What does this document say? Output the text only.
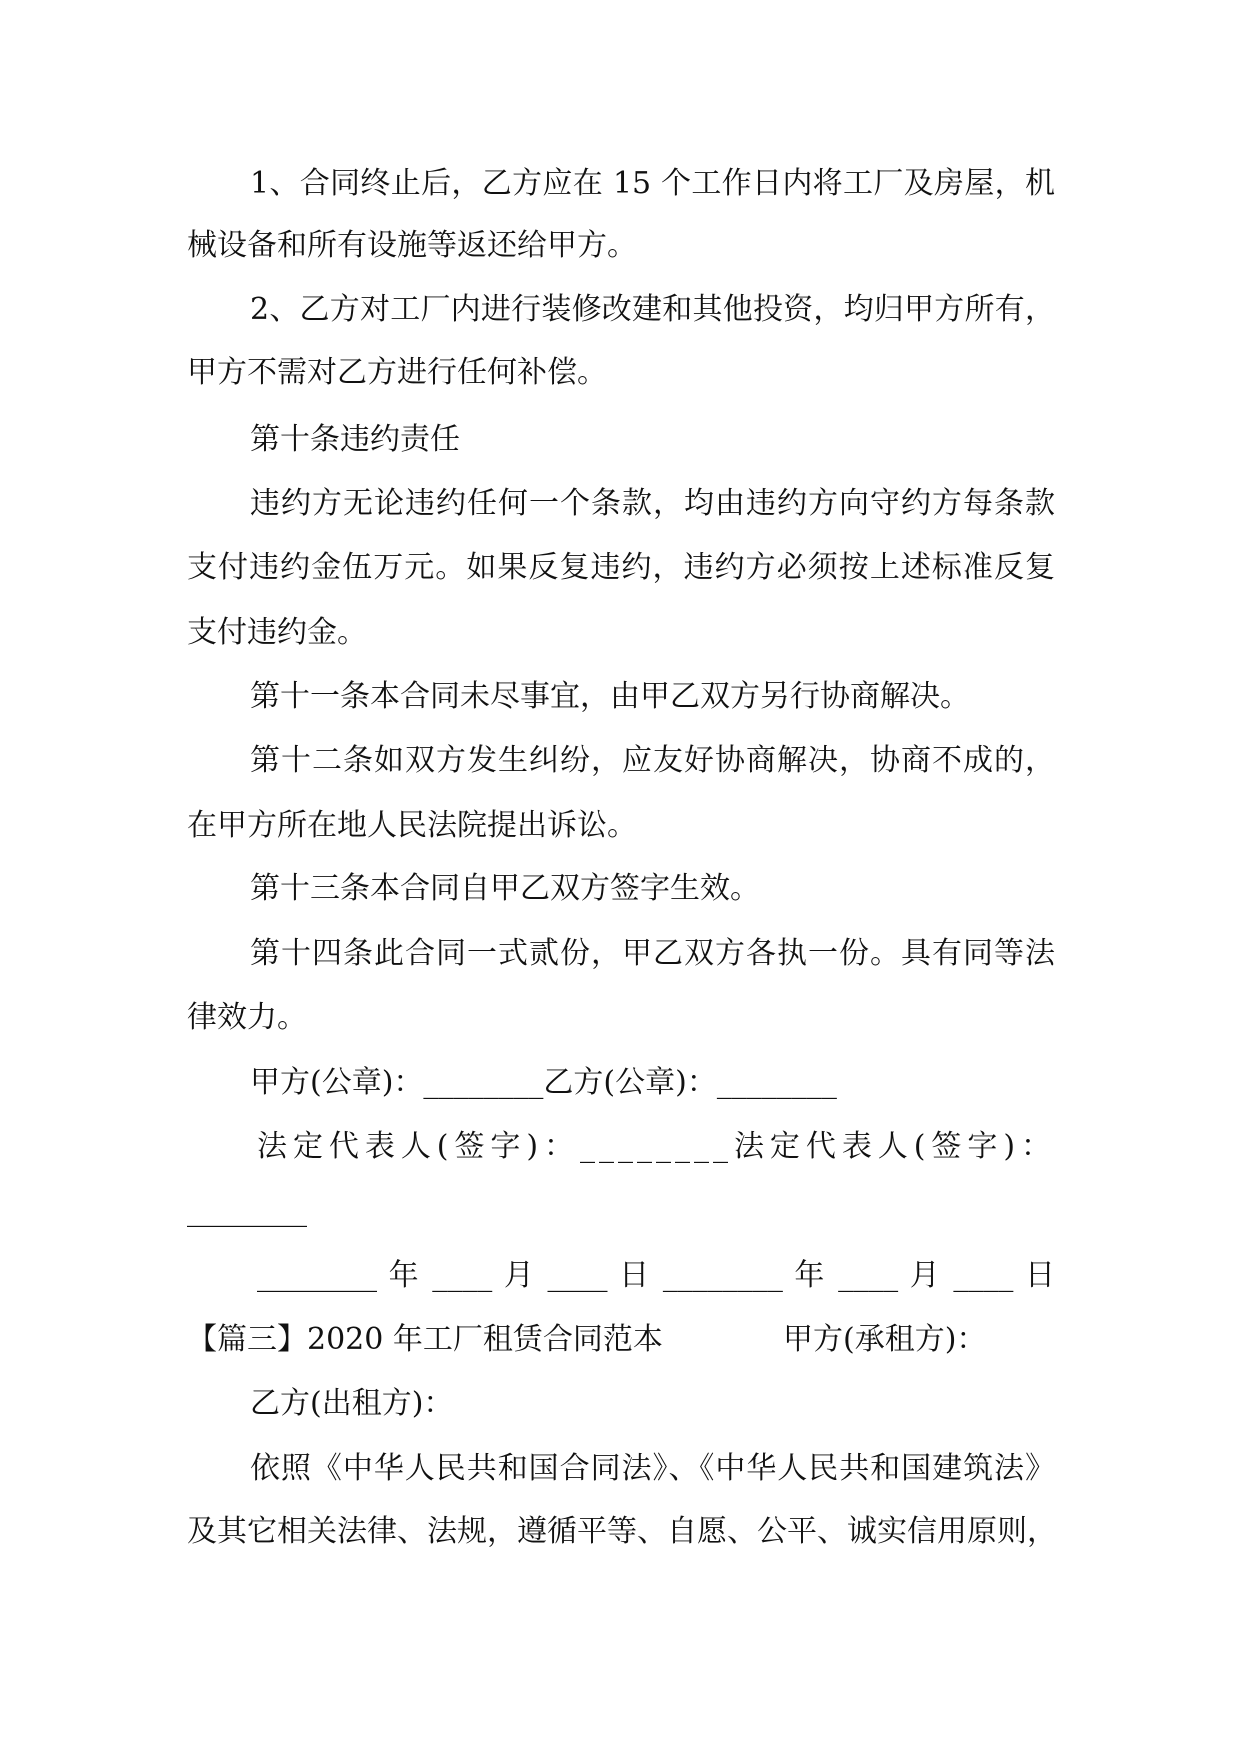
1、合同终止后，乙方应在 15 个工作日内将工厂及房屋，机
械设备和所有设施等返还给甲方。
2、乙方对工厂内进行装修改建和其他投资，均归甲方所有，
甲方不需对乙方进行任何补偿。
第十条违约责任
违约方无论违约任何一个条款，均由违约方向守约方每条款
支付违约金伍万元。如果反复违约，违约方必须按上述标准反复
支付违约金。
第十一条本合同未尽事宜，由甲乙双方另行协商解决。
第十二条如双方发生纠纷，应友好协商解决，协商不成的，
在甲方所在地人民法院提出诉讼。
第十三条本合同自甲乙双方签字生效。
第十四条此合同一式贰份，甲乙双方各执一份。具有同等法
律效力。
甲方(公章)：________乙方(公章)：________
法定代表人(签字)：________法定代表人(签字)：
________
________ 年 ____ 月 ____ 日 ________ 年 ____ 月 ____ 日
【篇三】2020 年工厂租赁合同范本	甲方(承租方)：
乙方(出租方)：
依照《中华人民共和国合同法》、《中华人民共和国建筑法》
及其它相关法律、法规，遵循平等、自愿、公平、诚实信用原则，
